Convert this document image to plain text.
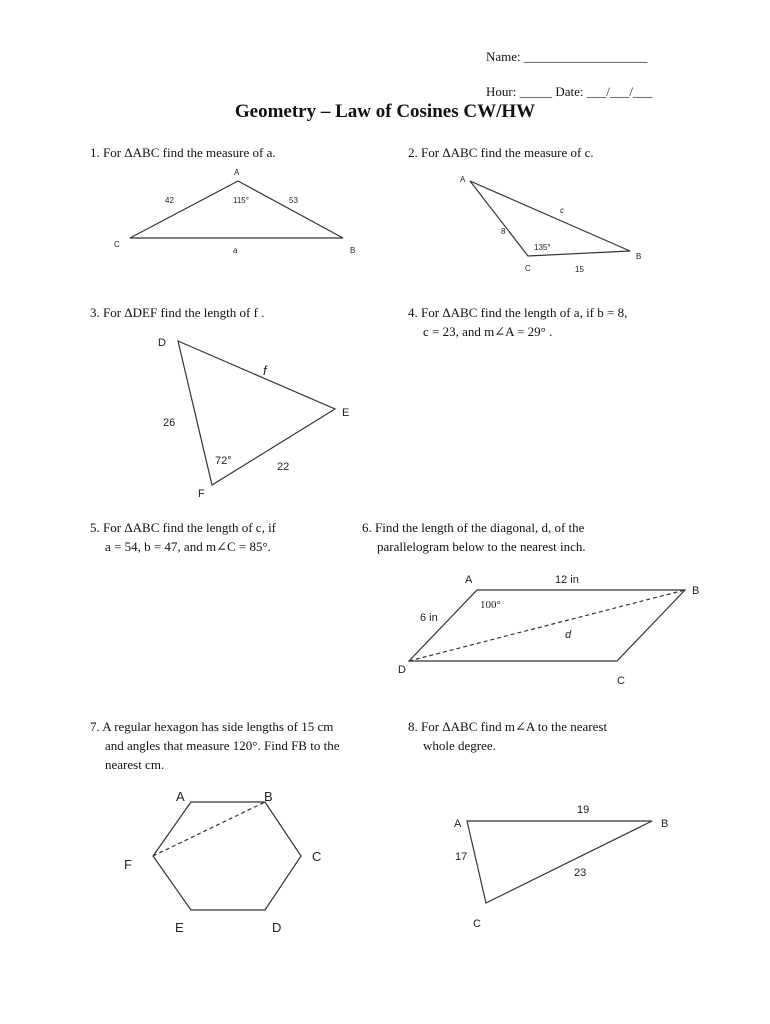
Name: ___________________
Hour: _____ Date: ___/___/___
Geometry – Law of Cosines CW/HW
1. For ΔABC find the measure of a.	2. For ΔABC find the measure of c.
3. For ΔDEF find the length of f .	4. For ΔABC find the length of a, if b = 8,
c = 23, and m∠A = 29° .
5. For ΔABC find the length of c, if
a = 54, b = 47, and m∠C = 85°.
6. Find the length of the diagonal, d, of the
parallelogram below to the nearest inch.
7. A regular hexagon has side lengths of 15 cm
and angles that measure 120°. Find FB to the
nearest cm.
8. For ΔABC find m∠A to the nearest
whole degree.
A
B
C
42	53
115°
a
A
B
C
c
8
135°
15
D
E
F
f
26
72°	22
A
B
C
D
12 in
6 in
100°
d
A	B
C
D
E
F
A	B
C
19
17
23
